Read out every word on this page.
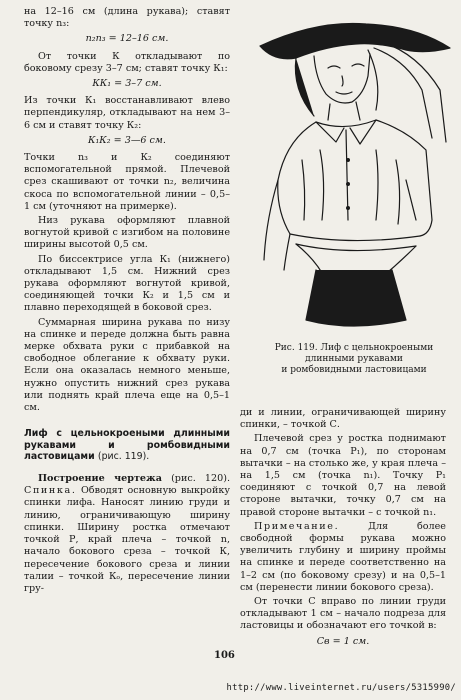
на 12–16 см (длина рукава); ставят точку n₃:

n₂n₃ = 12–16 см.

От точки К откладывают по боковому срезу 3–7 см; ставят точку К₁:

КК₁ = 3–7 см.

Из точки К₁ восстанавливают влево перпендикуляр, откладывают на нем 3–6 см и ставят точку К₂:

К₁К₂ = 3—6 см.

Точки n₃ и К₂ соединяют вспомогательной прямой. Плечевой срез скашивают от точки n₂, величина скоса по вспомогательной линии – 0,5–1 см (уточняют на примерке).

Низ рукава оформляют плавной вогнутой кривой с изгибом на половине ширины высотой 0,5 см.

По биссектрисе угла К₁ (нижнего) откладывают 1,5 см. Нижний срез рукава оформляют вогнутой кривой, соединяющей точки К₂ и 1,5 см и плавно переходящей в боковой срез.

Суммарная ширина рукава по низу на спинке и переде должна быть равна мерке обхвата руки с прибавкой на свободное облегание к обхвату руки. Если она оказалась немного меньше, нужно опустить нижний срез рукава или поднять край плеча еще на 0,5–1 см.

Лиф с цельнокроеными длинными рукавами и ромбовидными ластовицами (рис. 119).

Построение чертежа (рис. 120). Спинка. Обводят основную выкройку спинки лифа. Наносят линию груди и линию, ограничивающую ширину спинки. Ширину ростка отмечают точкой Р, край плеча – точкой n, начало бокового среза – точкой К, пересечение бокового среза и линии талии – точкой Кₒ, пересечение линии гру-

Рис. 119. Лиф с цельнокроеными
длинными рукавами
и ромбовидными ластовицами

ди и линии, ограничивающей ширину спинки, – точкой С.

Плечевой срез у ростка поднимают на 0,7 см (точка Р₁), по сторонам вытачки – на столько же, у края плеча – на 1,5 см (точка n₁). Точку Р₁ соединяют с точкой 0,7 на левой стороне вытачки, точку 0,7 см на правой стороне вытачки – с точкой n₁.

Примечание.	Для более свободной формы рукава можно увеличить глубину и ширину проймы на спинке и переде соответственно на 1–2 см (по боковому срезу) и на 0,5–1 см (перенести линии бокового среза).

От точки С вправо по линии груди откладывают 1 см – начало подреза для ластовицы и обозначают его точкой в:

Св = 1 см.

106
http://www.liveinternet.ru/users/5315990/
